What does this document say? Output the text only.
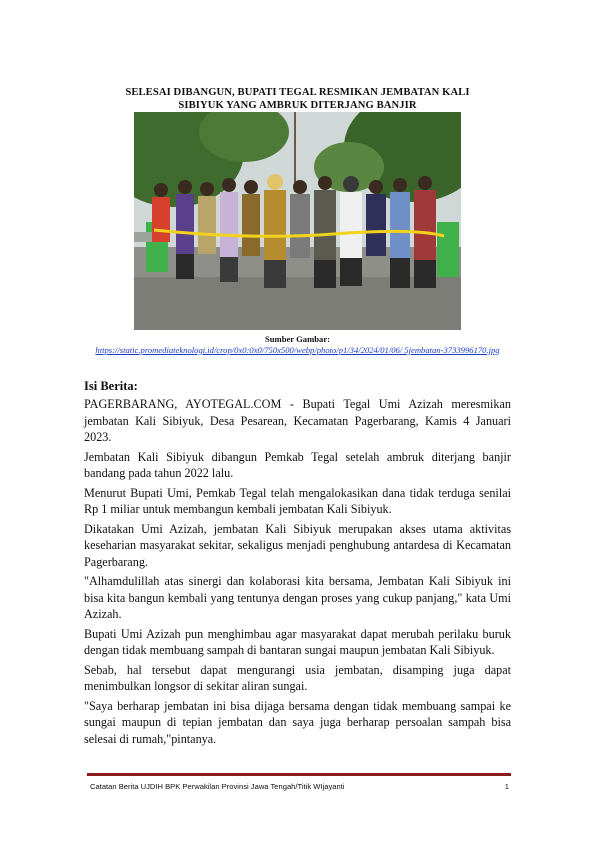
SELESAI DIBANGUN, BUPATI TEGAL RESMIKAN JEMBATAN KALI
SIBIYUK YANG AMBRUK DITERJANG BANJIR
Sumber Gambar:
https://static.promediateknologi.id/crop/0x0:0x0/750x500/webp/photo/p1/34/2024/01/06/ 5jembatan-3733996170.jpg
Isi Berita:

PAGERBARANG, AYOTEGAL.COM - Bupati Tegal Umi Azizah meresmikan jembatan Kali Sibiyuk, Desa Pesarean, Kecamatan Pagerbarang, Kamis 4 Januari 2023.

Jembatan Kali Sibiyuk dibangun Pemkab Tegal setelah ambruk diterjang banjir bandang pada tahun 2022 lalu.

Menurut Bupati Umi, Pemkab Tegal telah mengalokasikan dana tidak terduga senilai Rp 1 miliar untuk membangun kembali jembatan Kali Sibiyuk.

Dikatakan Umi Azizah, jembatan Kali Sibiyuk merupakan akses utama aktivitas keseharian masyarakat sekitar, sekaligus menjadi penghubung antardesa di Kecamatan Pagerbarang.

"Alhamdulillah atas sinergi dan kolaborasi kita bersama, Jembatan Kali Sibiyuk ini bisa kita bangun kembali yang tentunya dengan proses yang cukup panjang," kata Umi Azizah.

Bupati Umi Azizah pun menghimbau agar masyarakat dapat merubah perilaku buruk dengan tidak membuang sampah di bantaran sungai maupun jembatan Kali Sibiyuk.

Sebab, hal tersebut dapat mengurangi usia jembatan, disamping juga dapat menimbulkan longsor di sekitar aliran sungai.

"Saya berharap jembatan ini bisa dijaga bersama dengan tidak membuang sampai ke sungai maupun di tepian jembatan dan saya juga berharap persoalan sampah bisa selesai di rumah,"pintanya.

Catatan Berita UJDIH BPK Perwakilan Provinsi Jawa Tengah/Titik WIjayanti	1
